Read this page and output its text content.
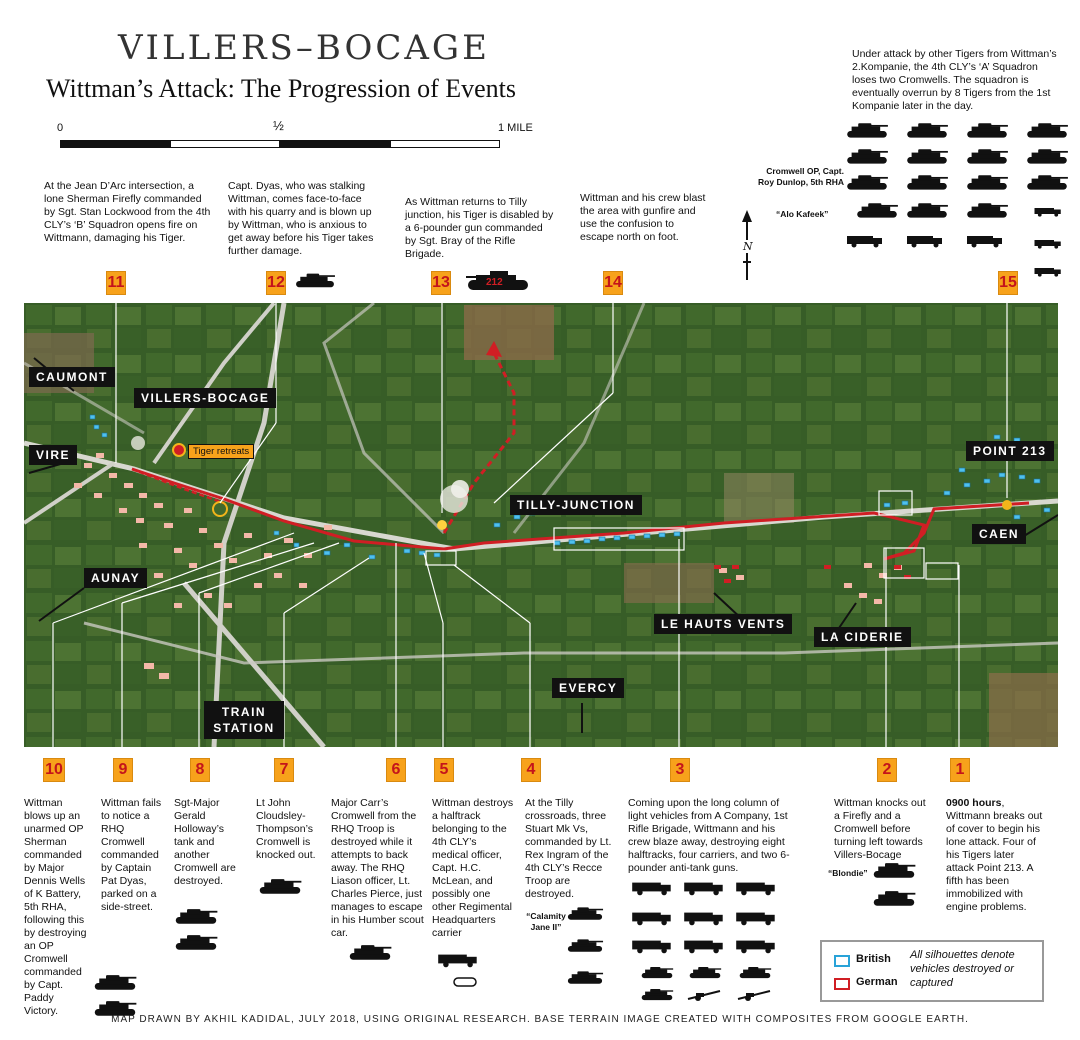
VILLERS–BOCAGE
Wittman’s Attack: The Progression of Events
0	½	1 MILE
N
At the Jean D’Arc intersection, a lone Sherman Firefly commanded by Sgt. Stan Lockwood from the 4th CLY’s ‘B’ Squadron opens fire on Wittmann, damaging his Tiger.
Capt. Dyas, who was stalking Wittman, comes face-to-face with his quarry and is blown up by Wittman, who is anxious to get away before his Tiger takes further damage.
As Wittman returns to Tilly junction, his Tiger is disabled by a 6-pounder gun commanded by Sgt. Bray of the Rifle Brigade.
Wittman and his crew blast the area with gunfire and use the confusion to escape north on foot.
Under attack by other Tigers from Wittman’s 2.Kompanie, the 4th CLY’s ‘A’ Squadron loses two Cromwells. The squadron is eventually overrun by 8 Tigers from the 1st Kompanie later in the day.
11	12	13	14	15
212
Cromwell OP, Capt. Roy Dunlop, 5th RHA
“Alo Kafeek”
CAUMONT
VILLERS-BOCAGE
VIRE
AUNAY
TRAIN STATION
EVERCY
TILLY-JUNCTION
LE HAUTS VENTS
LA CIDERIE
POINT 213
CAEN
Tiger retreats
10	9	8	7	6	5	4	3	2	1
Wittman blows up an unarmed OP Sherman commanded by Major Dennis Wells of K Battery, 5th RHA, following this by destroying an OP Cromwell commanded by Capt. Paddy Victory.
Wittman fails to notice a RHQ Cromwell commanded by Captain Pat Dyas, parked on a side-street.
Sgt-Major Gerald Holloway’s tank and another Cromwell are destroyed.
Lt John Cloudsley-Thompson’s Cromwell is knocked out.
Major Carr’s Cromwell from the RHQ Troop is destroyed while it attempts to back away. The RHQ Liason officer, Lt. Charles Pierce, just manages to escape in his Humber scout car.
Wittman destroys a halftrack belonging to the 4th CLY’s medical officer, Capt. H.C. McLean, and possibly one other Regimental Headquarters carrier
At the Tilly crossroads, three Stuart Mk Vs, commanded by Lt. Rex Ingram of the 4th CLY’s Recce Troop are destroyed.
Coming upon the long column of light vehicles from A Company, 1st Rifle Brigade, Wittmann and his crew blaze away, destroying eight halftracks, four carriers, and two 6-pounder anti-tank guns.
Wittman knocks out a Firefly and a Cromwell before turning left towards Villers-Bocage
0900 hours, Wittmann breaks out of cover to begin his lone attack. Four of his Tigers later attack Point 213. A fifth has been immobilized with engine problems.
“Calamity Jane II”
“Blondie”
British
German
All silhouettes denote vehicles destroyed or captured
MAP DRAWN BY AKHIL KADIDAL, JULY 2018, USING ORIGINAL RESEARCH. BASE TERRAIN IMAGE CREATED WITH COMPOSITES FROM GOOGLE EARTH.
